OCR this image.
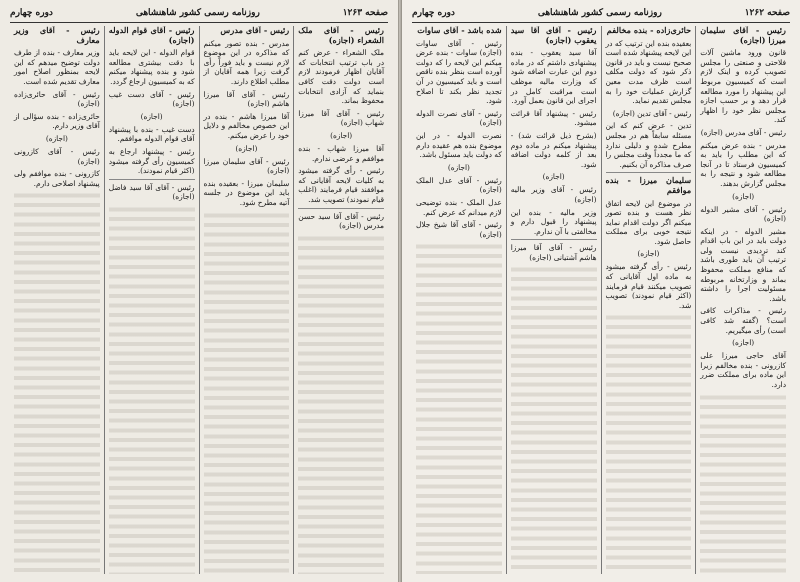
صفحه ۱۲۶۲
روزنامه رسمی کشور شاهنشاهی
دوره چهارم

رئیس - آقای سلیمان میرزا (اجازه)

قانون ورود ماشین آلات فلاحتی و صنعتی را مجلس تصویب کرده و اینک لازم است که کمیسیون مربوط این پیشنهاد را مورد مطالعه قرار دهد و بر حسب اجازه مجلس نظر خود را اظهار کند.

رئیس - آقای مدرس (اجازه)

مدرس - بنده عرض میکنم که این مطلب را باید به کمیسیون فرستاد تا در آنجا مطالعه شود و نتیجه را به مجلس گزارش بدهند.

(اجازه)

رئیس - آقای مشیر الدوله (اجازه)

مشیر الدوله - در اینکه دولت باید در این باب اقدام کند تردیدی نیست ولی ترتیب آن باید طوری باشد که منافع مملکت محفوظ بماند و وزارتخانه مربوطه مسئولیت اجرا را داشته باشد.

رئیس - مذاکرات کافی است؟ (گفته شد کافی است) رأی میگیریم.

(اجازه)

آقای حاجی میرزا علی کازرونی - بنده مخالفم زیرا این ماده برای مملکت ضرر دارد.

حائری‌زاده - بنده مخالفم

بعقیده بنده این ترتیب که در این لایحه پیشنهاد شده است صحیح نیست و باید در قانون ذکر شود که دولت مکلف است ظرف مدت معین گزارش عملیات خود را به مجلس تقدیم نماید.

رئیس - آقای تدین (اجازه)

تدین - عرض کنم که این مسئله سابقاً هم در مجلس مطرح شده و دلیلی ندارد که ما مجدداً وقت مجلس را صرف مذاکره آن بکنیم.

سلیمان میرزا - بنده موافقم

در موضوع این لایحه اتفاق نظر هست و بنده تصور میکنم اگر دولت اقدام نماید نتیجه خوبی برای مملکت حاصل شود.

(اجازه)

رئیس - رأی گرفته میشود به ماده اول آقایانی که تصویب میکنند قیام فرمایند (اکثر قیام نمودند) تصویب شد.

رئیس - آقای آقا سید یعقوب (اجازه)

آقا سید یعقوب - بنده پیشنهادی داشتم که در ماده دوم این عبارت اضافه شود که وزارت مالیه موظف است مراقبت کامل در اجرای این قانون بعمل آورد.

رئیس - پیشنهاد آقا قرائت میشود.

(بشرح ذیل قرائت شد) - پیشنهاد میکنم در ماده دوم بعد از کلمه دولت اضافه شود.

(اجازه)

رئیس - آقای وزیر مالیه (اجازه)

وزیر مالیه - بنده این پیشنهاد را قبول دارم و مخالفتی با آن ندارم.

رئیس - آقای آقا میرزا هاشم آشتیانی (اجازه)

شده باشد - آقای ساوات

رئیس - آقای ساوات (اجازه) ساوات - بنده عرض میکنم این لایحه را که دولت آورده است بنظر بنده ناقص است و باید کمیسیون در آن تجدید نظر بکند تا اصلاح شود.

رئیس - آقای نصرت الدوله (اجازه)

نصرت الدوله - در این موضوع بنده هم عقیده دارم که دولت باید مسئول باشد.

(اجازه)

رئیس - آقای عدل الملک (اجازه)

عدل الملک - بنده توضیحی لازم میدانم که عرض کنم.

رئیس - آقای آقا شیخ جلال (اجازه)

صفحه ۱۲۶۳
روزنامه رسمی کشور شاهنشاهی
دوره چهارم

رئیس - آقای ملک الشعراء (اجازه)

ملک الشعراء - عرض کنم در باب ترتیب انتخابات که آقایان اظهار فرمودند لازم است دولت دقت کافی بنماید که آزادی انتخابات محفوظ بماند.

رئیس - آقای آقا میرزا شهاب (اجازه)

(اجازه)

آقا میرزا شهاب - بنده موافقم و عرضی ندارم.

رئیس - رأی گرفته میشود به کلیات لایحه آقایانی که موافقند قیام فرمایند (اغلب قیام نمودند) تصویب شد.

رئیس - آقای آقا سید حسن مدرس (اجازه)

رئیس - آقای مدرس

مدرس - بنده تصور میکنم که مذاکره در این موضوع لازم نیست و باید فوراً رأی گرفت زیرا همه آقایان از مطلب اطلاع دارند.

رئیس - آقای آقا میرزا هاشم (اجازه)

آقا میرزا هاشم - بنده در این خصوص مخالفم و دلایل خود را عرض میکنم.

(اجازه)

رئیس - آقای سلیمان میرزا (اجازه)

سلیمان میرزا - بعقیده بنده باید این موضوع در جلسه آتیه مطرح شود.

رئیس - آقای قوام الدوله (اجازه)

قوام الدوله - این لایحه باید با دقت بیشتری مطالعه شود و بنده پیشنهاد میکنم که به کمیسیون ارجاع گردد.

رئیس - آقای دست غیب (اجازه)

(اجازه)

دست غیب - بنده با پیشنهاد آقای قوام الدوله موافقم.

رئیس - پیشنهاد ارجاع به کمیسیون رأی گرفته میشود (اکثر قیام نمودند).

رئیس - آقای آقا سید فاضل (اجازه)

رئیس - آقای وزیر معارف

وزیر معارف - بنده از طرف دولت توضیح میدهم که این لایحه بمنظور اصلاح امور معارف تقدیم شده است.

رئیس - آقای حائری‌زاده (اجازه)

حائری‌زاده - بنده سؤالی از آقای وزیر دارم.

(اجازه)

رئیس - آقای کازرونی (اجازه)

کازرونی - بنده موافقم ولی پیشنهاد اصلاحی دارم.
